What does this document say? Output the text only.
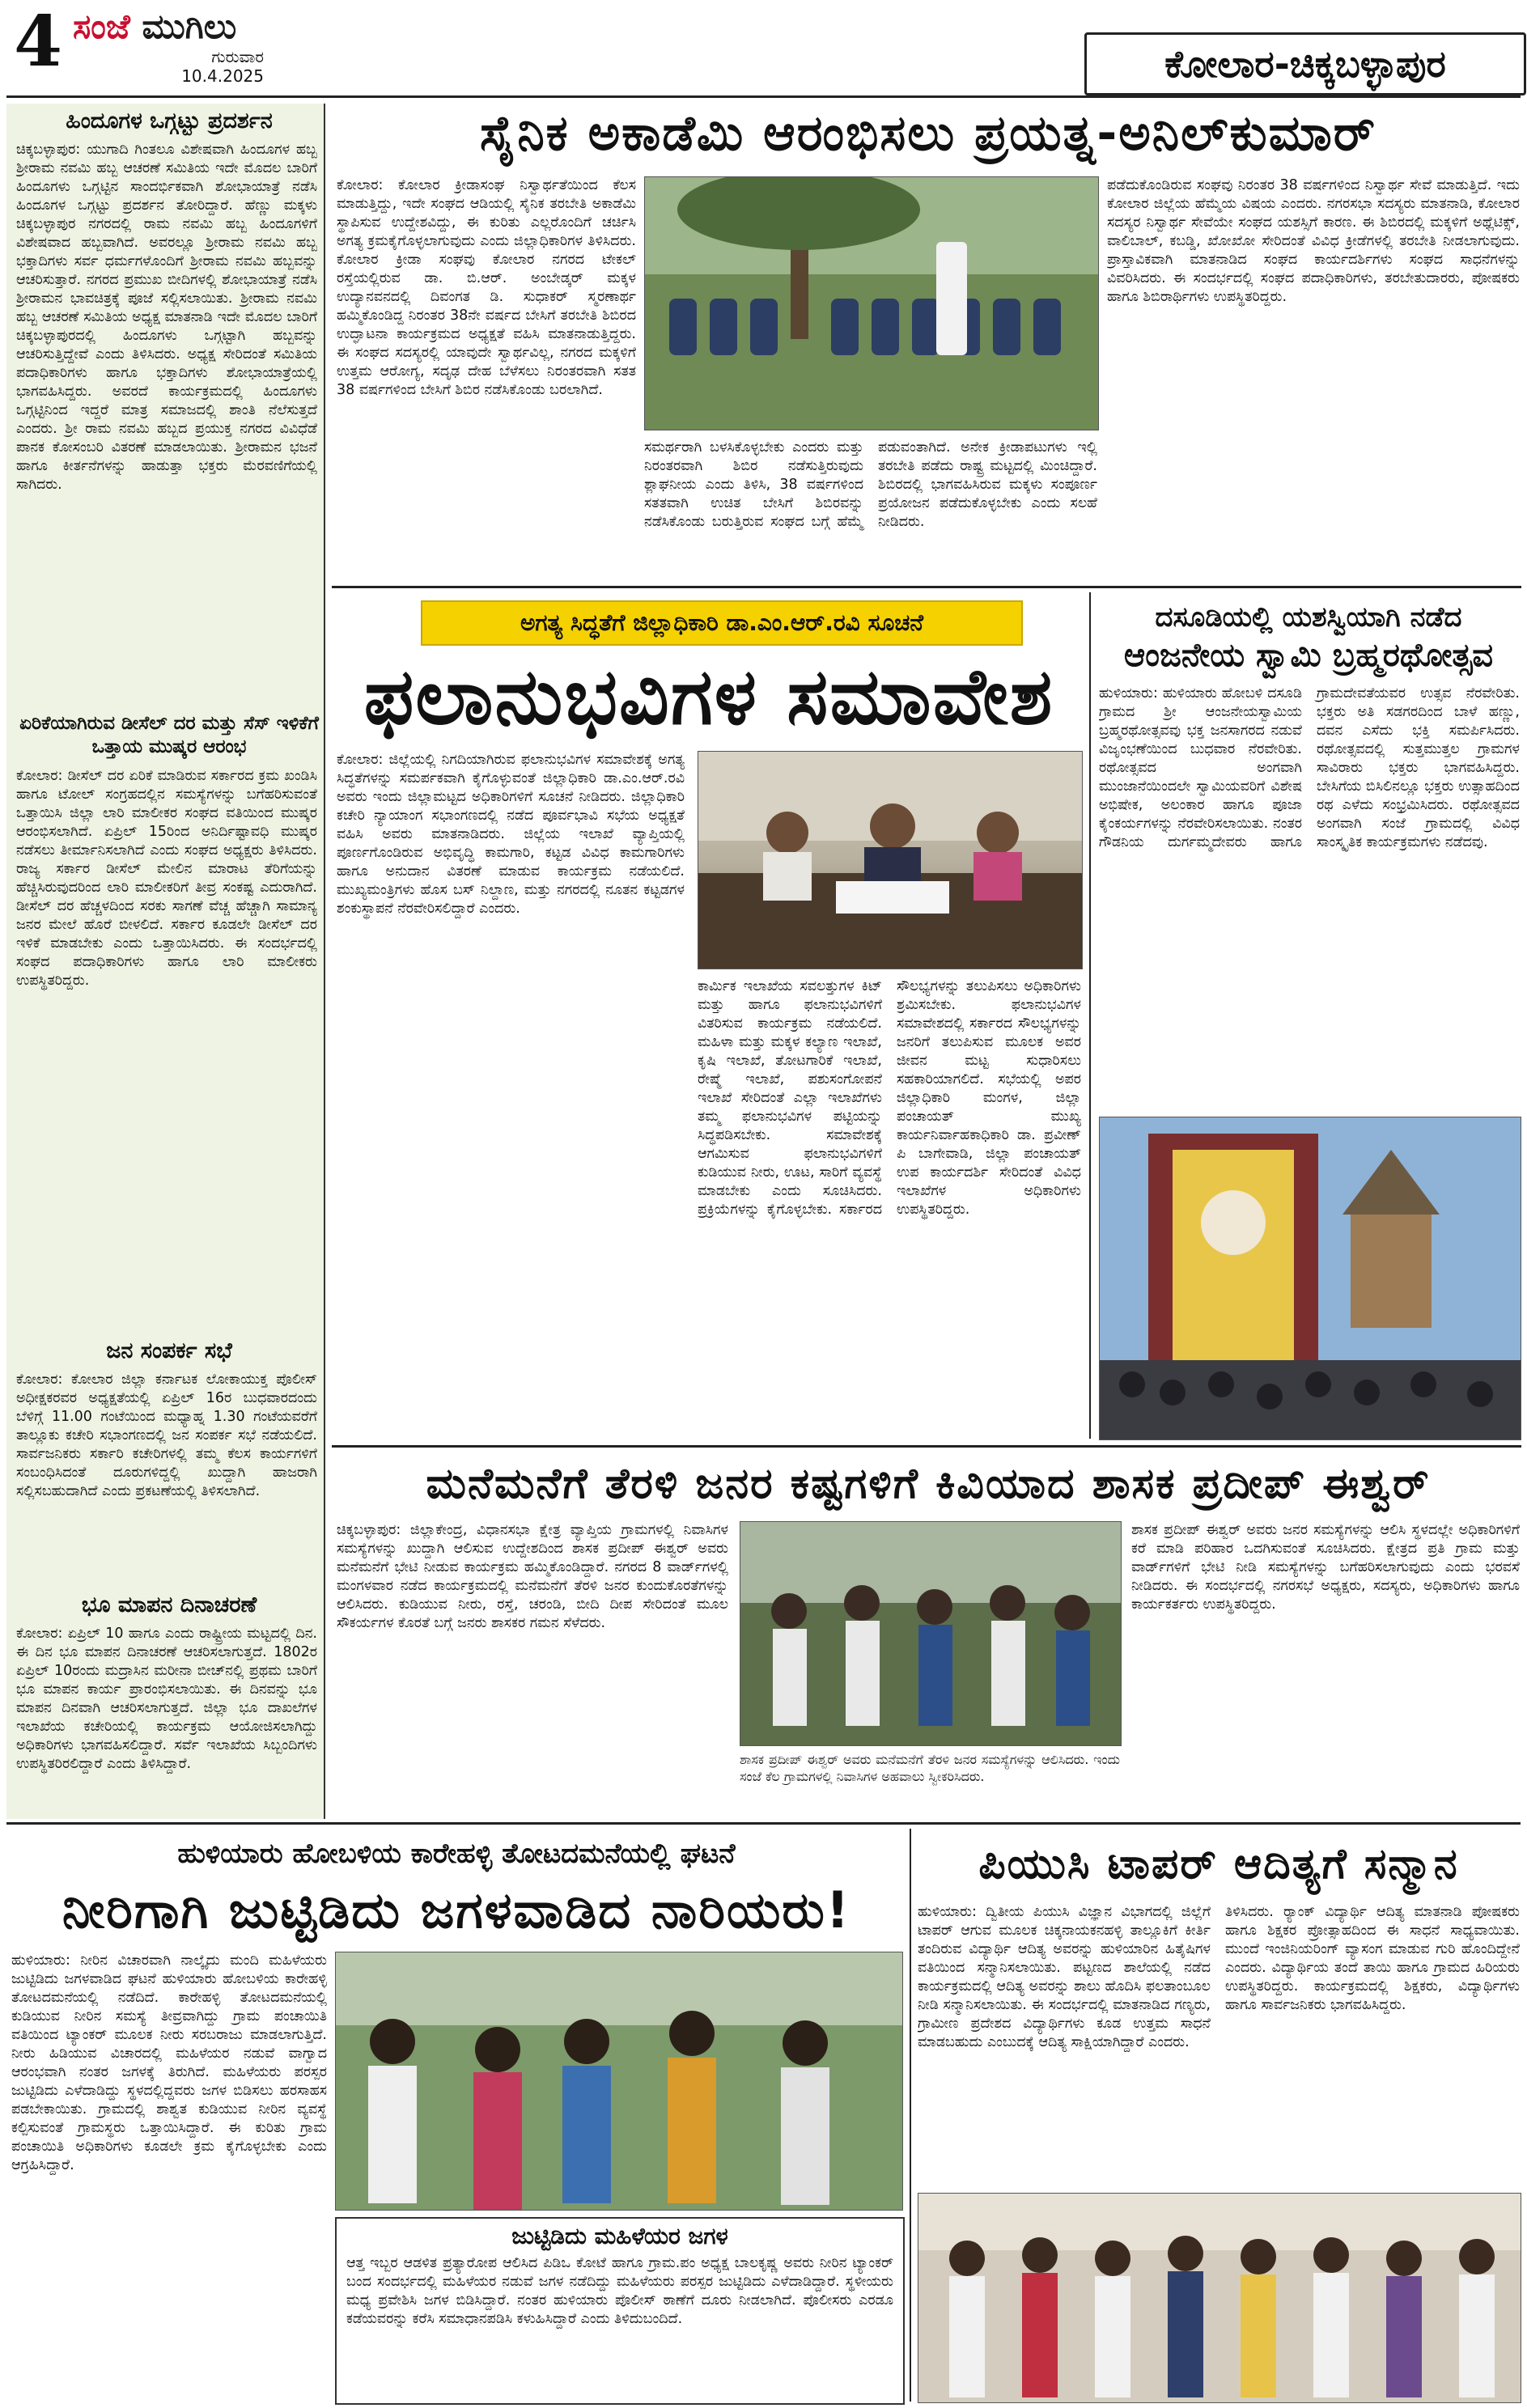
4 ಸಂಜೆ ಮುಗಿಲು
ಗುರುವಾರ
10.4.2025	ಕೋಲಾರ-ಚಿಕ್ಕಬಳ್ಳಾಪುರ
ಹಿಂದೂಗಳ ಒಗ್ಗಟ್ಟು ಪ್ರದರ್ಶನ
ಚಿಕ್ಕಬಳ್ಳಾಪುರ: ಯುಗಾದಿ ಗಿಂತಲೂ ವಿಶೇಷವಾಗಿ ಹಿಂದೂಗಳ ಹಬ್ಬ ಶ್ರೀರಾಮ ನವಮಿ ಹಬ್ಬ ಆಚರಣೆ ಸಮಿತಿಯ ಇದೇ ಮೊದಲ ಬಾರಿಗೆ ಹಿಂದೂಗಳು ಒಗ್ಗಟ್ಟಿನ ಸಾಂದರ್ಭಿಕವಾಗಿ ಶೋಭಾಯಾತ್ರೆ ನಡೆಸಿ ಹಿಂದೂಗಳ ಒಗ್ಗಟ್ಟು ಪ್ರದರ್ಶನ ತೋರಿದ್ದಾರೆ. ಹೆಣ್ಣು ಮಕ್ಕಳು ಚಿಕ್ಕಬಳ್ಳಾಪುರ ನಗರದಲ್ಲಿ ರಾಮ ನವಮಿ ಹಬ್ಬ ಹಿಂದೂಗಳಿಗೆ ವಿಶೇಷವಾದ ಹಬ್ಬವಾಗಿದೆ. ಅವರಲ್ಲೂ ಶ್ರೀರಾಮ ನವಮಿ ಹಬ್ಬ ಭಕ್ತಾದಿಗಳು ಸರ್ವ ಧರ್ಮಗಳೊಂದಿಗೆ ಶ್ರೀರಾಮ ನವಮಿ ಹಬ್ಬವನ್ನು ಆಚರಿಸುತ್ತಾರೆ. ನಗರದ ಪ್ರಮುಖ ಬೀದಿಗಳಲ್ಲಿ ಶೋಭಾಯಾತ್ರೆ ನಡೆಸಿ ಶ್ರೀರಾಮನ ಭಾವಚಿತ್ರಕ್ಕೆ ಪೂಜೆ ಸಲ್ಲಿಸಲಾಯಿತು. ಶ್ರೀರಾಮ ನವಮಿ ಹಬ್ಬ ಆಚರಣೆ ಸಮಿತಿಯ ಅಧ್ಯಕ್ಷ ಮಾತನಾಡಿ ಇದೇ ಮೊದಲ ಬಾರಿಗೆ ಚಿಕ್ಕಬಳ್ಳಾಪುರದಲ್ಲಿ ಹಿಂದೂಗಳು ಒಗ್ಗಟ್ಟಾಗಿ ಹಬ್ಬವನ್ನು ಆಚರಿಸುತ್ತಿದ್ದೇವೆ ಎಂದು ತಿಳಿಸಿದರು. ಅಧ್ಯಕ್ಷ ಸೇರಿದಂತೆ ಸಮಿತಿಯ ಪದಾಧಿಕಾರಿಗಳು ಹಾಗೂ ಭಕ್ತಾದಿಗಳು ಶೋಭಾಯಾತ್ರೆಯಲ್ಲಿ ಭಾಗವಹಿಸಿದ್ದರು. ಅವರದೆ ಕಾರ್ಯಕ್ರಮದಲ್ಲಿ ಹಿಂದೂಗಳು ಒಗ್ಗಟ್ಟಿನಿಂದ ಇದ್ದರೆ ಮಾತ್ರ ಸಮಾಜದಲ್ಲಿ ಶಾಂತಿ ನೆಲೆಸುತ್ತದೆ ಎಂದರು. ಶ್ರೀ ರಾಮ ನವಮಿ ಹಬ್ಬದ ಪ್ರಯುಕ್ತ ನಗರದ ವಿವಿಧೆಡೆ ಪಾನಕ ಕೋಸಂಬರಿ ವಿತರಣೆ ಮಾಡಲಾಯಿತು. ಶ್ರೀರಾಮನ ಭಜನೆ ಹಾಗೂ ಕೀರ್ತನೆಗಳನ್ನು ಹಾಡುತ್ತಾ ಭಕ್ತರು ಮೆರವಣಿಗೆಯಲ್ಲಿ ಸಾಗಿದರು.
ಏರಿಕೆಯಾಗಿರುವ ಡೀಸೆಲ್ ದರ ಮತ್ತು ಸೆಸ್ ಇಳಿಕೆಗೆ ಒತ್ತಾಯ ಮುಷ್ಕರ ಆರಂಭ
ಕೋಲಾರ: ಡೀಸೆಲ್ ದರ ಏರಿಕೆ ಮಾಡಿರುವ ಸರ್ಕಾರದ ಕ್ರಮ ಖಂಡಿಸಿ ಹಾಗೂ ಟೋಲ್ ಸಂಗ್ರಹದಲ್ಲಿನ ಸಮಸ್ಯೆಗಳನ್ನು ಬಗೆಹರಿಸುವಂತೆ ಒತ್ತಾಯಿಸಿ ಜಿಲ್ಲಾ ಲಾರಿ ಮಾಲೀಕರ ಸಂಘದ ವತಿಯಿಂದ ಮುಷ್ಕರ ಆರಂಭಿಸಲಾಗಿದೆ. ಏಪ್ರಿಲ್ 15ರಿಂದ ಅನಿರ್ದಿಷ್ಟಾವಧಿ ಮುಷ್ಕರ ನಡೆಸಲು ತೀರ್ಮಾನಿಸಲಾಗಿದೆ ಎಂದು ಸಂಘದ ಅಧ್ಯಕ್ಷರು ತಿಳಿಸಿದರು. ರಾಜ್ಯ ಸರ್ಕಾರ ಡೀಸೆಲ್ ಮೇಲಿನ ಮಾರಾಟ ತೆರಿಗೆಯನ್ನು ಹೆಚ್ಚಿಸಿರುವುದರಿಂದ ಲಾರಿ ಮಾಲೀಕರಿಗೆ ತೀವ್ರ ಸಂಕಷ್ಟ ಎದುರಾಗಿದೆ. ಡೀಸೆಲ್ ದರ ಹೆಚ್ಚಳದಿಂದ ಸರಕು ಸಾಗಣೆ ವೆಚ್ಚ ಹೆಚ್ಚಾಗಿ ಸಾಮಾನ್ಯ ಜನರ ಮೇಲೆ ಹೊರೆ ಬೀಳಲಿದೆ. ಸರ್ಕಾರ ಕೂಡಲೇ ಡೀಸೆಲ್ ದರ ಇಳಿಕೆ ಮಾಡಬೇಕು ಎಂದು ಒತ್ತಾಯಿಸಿದರು. ಈ ಸಂದರ್ಭದಲ್ಲಿ ಸಂಘದ ಪದಾಧಿಕಾರಿಗಳು ಹಾಗೂ ಲಾರಿ ಮಾಲೀಕರು ಉಪಸ್ಥಿತರಿದ್ದರು.
ಜನ ಸಂಪರ್ಕ ಸಭೆ
ಕೋಲಾರ: ಕೋಲಾರ ಜಿಲ್ಲಾ ಕರ್ನಾಟಕ ಲೋಕಾಯುಕ್ತ ಪೊಲೀಸ್ ಅಧೀಕ್ಷಕರವರ ಅಧ್ಯಕ್ಷತೆಯಲ್ಲಿ ಏಪ್ರಿಲ್ 16ರ ಬುಧವಾರದಂದು ಬೆಳಿಗ್ಗೆ 11.00 ಗಂಟೆಯಿಂದ ಮಧ್ಯಾಹ್ನ 1.30 ಗಂಟೆಯವರೆಗೆ ತಾಲ್ಲೂಕು ಕಚೇರಿ ಸಭಾಂಗಣದಲ್ಲಿ ಜನ ಸಂಪರ್ಕ ಸಭೆ ನಡೆಯಲಿದೆ. ಸಾರ್ವಜನಿಕರು ಸರ್ಕಾರಿ ಕಚೇರಿಗಳಲ್ಲಿ ತಮ್ಮ ಕೆಲಸ ಕಾರ್ಯಗಳಿಗೆ ಸಂಬಂಧಿಸಿದಂತೆ ದೂರುಗಳಿದ್ದಲ್ಲಿ ಖುದ್ದಾಗಿ ಹಾಜರಾಗಿ ಸಲ್ಲಿಸಬಹುದಾಗಿದೆ ಎಂದು ಪ್ರಕಟಣೆಯಲ್ಲಿ ತಿಳಿಸಲಾಗಿದೆ.
ಭೂ ಮಾಪನ ದಿನಾಚರಣೆ
ಕೋಲಾರ: ಏಪ್ರಿಲ್ 10 ಹಾಗೂ ಎಂದು ರಾಷ್ಟ್ರೀಯ ಮಟ್ಟದಲ್ಲಿ ದಿನ. ಈ ದಿನ ಭೂ ಮಾಪನ ದಿನಾಚರಣೆ ಆಚರಿಸಲಾಗುತ್ತದೆ. 1802ರ ಏಪ್ರಿಲ್ 10ರಂದು ಮದ್ರಾಸಿನ ಮರೀನಾ ಬೀಚ್‌ನಲ್ಲಿ ಪ್ರಥಮ ಬಾರಿಗೆ ಭೂ ಮಾಪನ ಕಾರ್ಯ ಪ್ರಾರಂಭಿಸಲಾಯಿತು. ಈ ದಿನವನ್ನು ಭೂ ಮಾಪನ ದಿನವಾಗಿ ಆಚರಿಸಲಾಗುತ್ತದೆ. ಜಿಲ್ಲಾ ಭೂ ದಾಖಲೆಗಳ ಇಲಾಖೆಯ ಕಚೇರಿಯಲ್ಲಿ ಕಾರ್ಯಕ್ರಮ ಆಯೋಜಿಸಲಾಗಿದ್ದು ಅಧಿಕಾರಿಗಳು ಭಾಗವಹಿಸಲಿದ್ದಾರೆ. ಸರ್ವೆ ಇಲಾಖೆಯ ಸಿಬ್ಬಂದಿಗಳು ಉಪಸ್ಥಿತರಿರಲಿದ್ದಾರೆ ಎಂದು ತಿಳಿಸಿದ್ದಾರೆ.
ಸೈನಿಕ ಅಕಾಡೆಮಿ ಆರಂಭಿಸಲು ಪ್ರಯತ್ನ-ಅನಿಲ್‌ಕುಮಾರ್
ಕೋಲಾರ: ಕೋಲಾರ ಕ್ರೀಡಾಸಂಘ ನಿಸ್ವಾರ್ಥತೆಯಿಂದ ಕೆಲಸ ಮಾಡುತ್ತಿದ್ದು, ಇದೇ ಸಂಘದ ಆಡಿಯಲ್ಲಿ ಸೈನಿಕ ತರಬೇತಿ ಅಕಾಡೆಮಿ ಸ್ಥಾಪಿಸುವ ಉದ್ದೇಶವಿದ್ದು, ಈ ಕುರಿತು ಎಲ್ಲರೊಂದಿಗೆ ಚರ್ಚಿಸಿ ಅಗತ್ಯ ಕ್ರಮಕೈಗೊಳ್ಳಲಾಗುವುದು ಎಂದು ಜಿಲ್ಲಾಧಿಕಾರಿಗಳ ತಿಳಿಸಿದರು. ಕೋಲಾರ ಕ್ರೀಡಾ ಸಂಘವು ಕೋಲಾರ ನಗರದ ಟೇಕಲ್ ರಸ್ತೆಯಲ್ಲಿರುವ ಡಾ. ಬಿ.ಆರ್. ಅಂಬೇಡ್ಕರ್ ಮಕ್ಕಳ ಉದ್ಯಾನವನದಲ್ಲಿ ದಿವಂಗತ ಡಿ. ಸುಧಾಕರ್ ಸ್ಮರಣಾರ್ಥ ಹಮ್ಮಿಕೊಂಡಿದ್ದ ನಿರಂತರ 38ನೇ ವರ್ಷದ ಬೇಸಿಗೆ ತರಬೇತಿ ಶಿಬಿರದ ಉದ್ಘಾಟನಾ ಕಾರ್ಯಕ್ರಮದ ಅಧ್ಯಕ್ಷತೆ ವಹಿಸಿ ಮಾತನಾಡುತ್ತಿದ್ದರು. ಈ ಸಂಘದ ಸದಸ್ಯರಲ್ಲಿ ಯಾವುದೇ ಸ್ವಾರ್ಥವಿಲ್ಲ, ನಗರದ ಮಕ್ಕಳಿಗೆ ಉತ್ತಮ ಆರೋಗ್ಯ, ಸದೃಢ ದೇಹ ಬೆಳೆಸಲು ನಿರಂತರವಾಗಿ ಸತತ 38 ವರ್ಷಗಳಿಂದ ಬೇಸಿಗೆ ಶಿಬಿರ ನಡೆಸಿಕೊಂಡು ಬರಲಾಗಿದೆ.
ಸಮರ್ಥರಾಗಿ ಬಳಸಿಕೊಳ್ಳಬೇಕು ಎಂದರು ಮತ್ತು ನಿರಂತರವಾಗಿ ಶಿಬಿರ ನಡೆಸುತ್ತಿರುವುದು ಶ್ಲಾಘನೀಯ ಎಂದು ತಿಳಿಸಿ, 38 ವರ್ಷಗಳಿಂದ ಸತತವಾಗಿ ಉಚಿತ ಬೇಸಿಗೆ ಶಿಬಿರವನ್ನು ನಡೆಸಿಕೊಂಡು ಬರುತ್ತಿರುವ ಸಂಘದ ಬಗ್ಗೆ ಹೆಮ್ಮೆ ಪಡುವಂತಾಗಿದೆ. ಅನೇಕ ಕ್ರೀಡಾಪಟುಗಳು ಇಲ್ಲಿ ತರಬೇತಿ ಪಡೆದು ರಾಷ್ಟ್ರ ಮಟ್ಟದಲ್ಲಿ ಮಿಂಚಿದ್ದಾರೆ. ಶಿಬಿರದಲ್ಲಿ ಭಾಗವಹಿಸಿರುವ ಮಕ್ಕಳು ಸಂಪೂರ್ಣ ಪ್ರಯೋಜನ ಪಡೆದುಕೊಳ್ಳಬೇಕು ಎಂದು ಸಲಹೆ ನೀಡಿದರು.
ಪಡೆದುಕೊಂಡಿರುವ ಸಂಘವು ನಿರಂತರ 38 ವರ್ಷಗಳಿಂದ ನಿಸ್ವಾರ್ಥ ಸೇವೆ ಮಾಡುತ್ತಿದೆ. ಇದು ಕೋಲಾರ ಜಿಲ್ಲೆಯ ಹೆಮ್ಮೆಯ ವಿಷಯ ಎಂದರು. ನಗರಸಭಾ ಸದಸ್ಯರು ಮಾತನಾಡಿ, ಕೋಲಾರ ಸದಸ್ಯರ ನಿಸ್ವಾರ್ಥ ಸೇವೆಯೇ ಸಂಘದ ಯಶಸ್ಸಿಗೆ ಕಾರಣ. ಈ ಶಿಬಿರದಲ್ಲಿ ಮಕ್ಕಳಿಗೆ ಅಥ್ಲೆಟಿಕ್ಸ್, ವಾಲಿಬಾಲ್, ಕಬಡ್ಡಿ, ಖೋಖೋ ಸೇರಿದಂತೆ ವಿವಿಧ ಕ್ರೀಡೆಗಳಲ್ಲಿ ತರಬೇತಿ ನೀಡಲಾಗುವುದು. ಪ್ರಾಸ್ತಾವಿಕವಾಗಿ ಮಾತನಾಡಿದ ಸಂಘದ ಕಾರ್ಯದರ್ಶಿಗಳು ಸಂಘದ ಸಾಧನೆಗಳನ್ನು ವಿವರಿಸಿದರು. ಈ ಸಂದರ್ಭದಲ್ಲಿ ಸಂಘದ ಪದಾಧಿಕಾರಿಗಳು, ತರಬೇತುದಾರರು, ಪೋಷಕರು ಹಾಗೂ ಶಿಬಿರಾರ್ಥಿಗಳು ಉಪಸ್ಥಿತರಿದ್ದರು.
ಅಗತ್ಯ ಸಿದ್ಧತೆಗೆ ಜಿಲ್ಲಾಧಿಕಾರಿ ಡಾ.ಎಂ.ಆರ್.ರವಿ ಸೂಚನೆ
ಫಲಾನುಭವಿಗಳ ಸಮಾವೇಶ
ಕೋಲಾರ: ಜಿಲ್ಲೆಯಲ್ಲಿ ನಿಗದಿಯಾಗಿರುವ ಫಲಾನುಭವಿಗಳ ಸಮಾವೇಶಕ್ಕೆ ಅಗತ್ಯ ಸಿದ್ಧತೆಗಳನ್ನು ಸಮರ್ಪಕವಾಗಿ ಕೈಗೊಳ್ಳುವಂತೆ ಜಿಲ್ಲಾಧಿಕಾರಿ ಡಾ.ಎಂ.ಆರ್.ರವಿ ಅವರು ಇಂದು ಜಿಲ್ಲಾಮಟ್ಟದ ಅಧಿಕಾರಿಗಳಿಗೆ ಸೂಚನೆ ನೀಡಿದರು. ಜಿಲ್ಲಾಧಿಕಾರಿ ಕಚೇರಿ ನ್ಯಾಯಾಂಗ ಸಭಾಂಗಣದಲ್ಲಿ ನಡೆದ ಪೂರ್ವಭಾವಿ ಸಭೆಯ ಅಧ್ಯಕ್ಷತೆ ವಹಿಸಿ ಅವರು ಮಾತನಾಡಿದರು. ಜಿಲ್ಲೆಯ ಇಲಾಖೆ ವ್ಯಾಪ್ತಿಯಲ್ಲಿ ಪೂರ್ಣಗೊಂಡಿರುವ ಅಭಿವೃದ್ಧಿ ಕಾಮಗಾರಿ, ಕಟ್ಟಡ ವಿವಿಧ ಕಾಮಗಾರಿಗಳು ಹಾಗೂ ಅನುದಾನ ವಿತರಣೆ ಮಾಡುವ ಕಾರ್ಯಕ್ರಮ ನಡೆಯಲಿದೆ. ಮುಖ್ಯಮಂತ್ರಿಗಳು ಹೊಸ ಬಸ್ ನಿಲ್ದಾಣ, ಮತ್ತು ನಗರದಲ್ಲಿ ನೂತನ ಕಟ್ಟಡಗಳ ಶಂಕುಸ್ಥಾಪನೆ ನೆರವೇರಿಸಲಿದ್ದಾರೆ ಎಂದರು.
ಕಾರ್ಮಿಕ ಇಲಾಖೆಯ ಸವಲತ್ತುಗಳ ಕಿಟ್ ಮತ್ತು ಹಾಗೂ ಫಲಾನುಭವಿಗಳಿಗೆ ವಿತರಿಸುವ ಕಾರ್ಯಕ್ರಮ ನಡೆಯಲಿದೆ. ಮಹಿಳಾ ಮತ್ತು ಮಕ್ಕಳ ಕಲ್ಯಾಣ ಇಲಾಖೆ, ಕೃಷಿ ಇಲಾಖೆ, ತೋಟಗಾರಿಕೆ ಇಲಾಖೆ, ರೇಷ್ಮೆ ಇಲಾಖೆ, ಪಶುಸಂಗೋಪನೆ ಇಲಾಖೆ ಸೇರಿದಂತೆ ಎಲ್ಲಾ ಇಲಾಖೆಗಳು ತಮ್ಮ ಫಲಾನುಭವಿಗಳ ಪಟ್ಟಿಯನ್ನು ಸಿದ್ಧಪಡಿಸಬೇಕು. ಸಮಾವೇಶಕ್ಕೆ ಆಗಮಿಸುವ ಫಲಾನುಭವಿಗಳಿಗೆ ಕುಡಿಯುವ ನೀರು, ಊಟ, ಸಾರಿಗೆ ವ್ಯವಸ್ಥೆ ಮಾಡಬೇಕು ಎಂದು ಸೂಚಿಸಿದರು. ಪ್ರಕ್ರಿಯೆಗಳನ್ನು ಕೈಗೊಳ್ಳಬೇಕು. ಸರ್ಕಾರದ ಸೌಲಭ್ಯಗಳನ್ನು ತಲುಪಿಸಲು ಅಧಿಕಾರಿಗಳು ಶ್ರಮಿಸಬೇಕು. ಫಲಾನುಭವಿಗಳ ಸಮಾವೇಶದಲ್ಲಿ ಸರ್ಕಾರದ ಸೌಲಭ್ಯಗಳನ್ನು ಜನರಿಗೆ ತಲುಪಿಸುವ ಮೂಲಕ ಅವರ ಜೀವನ ಮಟ್ಟ ಸುಧಾರಿಸಲು ಸಹಕಾರಿಯಾಗಲಿದೆ. ಸಭೆಯಲ್ಲಿ ಅಪರ ಜಿಲ್ಲಾಧಿಕಾರಿ ಮಂಗಳ, ಜಿಲ್ಲಾ ಪಂಚಾಯತ್ ಮುಖ್ಯ ಕಾರ್ಯನಿರ್ವಾಹಕಾಧಿಕಾರಿ ಡಾ. ಪ್ರವೀಣ್ ಪಿ ಬಾಗೇವಾಡಿ, ಜಿಲ್ಲಾ ಪಂಚಾಯತ್ ಉಪ ಕಾರ್ಯದರ್ಶಿ ಸೇರಿದಂತೆ ವಿವಿಧ ಇಲಾಖೆಗಳ ಅಧಿಕಾರಿಗಳು ಉಪಸ್ಥಿತರಿದ್ದರು.
ದಸೂಡಿಯಲ್ಲಿ ಯಶಸ್ವಿಯಾಗಿ ನಡೆದ
ಆಂಜನೇಯ ಸ್ವಾಮಿ ಬ್ರಹ್ಮರಥೋತ್ಸವ
ಹುಳಿಯಾರು: ಹುಳಿಯಾರು ಹೋಬಳಿ ದಸೂಡಿ ಗ್ರಾಮದ ಶ್ರೀ ಆಂಜನೇಯಸ್ವಾಮಿಯ ಬ್ರಹ್ಮರಥೋತ್ಸವವು ಭಕ್ತ ಜನಸಾಗರದ ನಡುವೆ ವಿಜೃಂಭಣೆಯಿಂದ ಬುಧವಾರ ನೆರವೇರಿತು. ರಥೋತ್ಸವದ ಅಂಗವಾಗಿ ಮುಂಜಾನೆಯಿಂದಲೇ ಸ್ವಾಮಿಯವರಿಗೆ ವಿಶೇಷ ಅಭಿಷೇಕ, ಅಲಂಕಾರ ಹಾಗೂ ಪೂಜಾ ಕೈಂಕರ್ಯಗಳನ್ನು ನೆರವೇರಿಸಲಾಯಿತು. ನಂತರ ಗೌಡನಿಯ ದುರ್ಗಮ್ಮದೇವರು ಹಾಗೂ ಗ್ರಾಮದೇವತೆಯವರ ಉತ್ಸವ ನೆರವೇರಿತು. ಭಕ್ತರು ಅತಿ ಸಡಗರದಿಂದ ಬಾಳೆ ಹಣ್ಣು, ದವನ ಎಸೆದು ಭಕ್ತಿ ಸಮರ್ಪಿಸಿದರು. ರಥೋತ್ಸವದಲ್ಲಿ ಸುತ್ತಮುತ್ತಲ ಗ್ರಾಮಗಳ ಸಾವಿರಾರು ಭಕ್ತರು ಭಾಗವಹಿಸಿದ್ದರು. ಬೇಸಿಗೆಯ ಬಿಸಿಲಿನಲ್ಲೂ ಭಕ್ತರು ಉತ್ಸಾಹದಿಂದ ರಥ ಎಳೆದು ಸಂಭ್ರಮಿಸಿದರು. ರಥೋತ್ಸವದ ಅಂಗವಾಗಿ ಸಂಜೆ ಗ್ರಾಮದಲ್ಲಿ ವಿವಿಧ ಸಾಂಸ್ಕೃತಿಕ ಕಾರ್ಯಕ್ರಮಗಳು ನಡೆದವು.
ಮನೆಮನೆಗೆ ತೆರಳಿ ಜನರ ಕಷ್ಟಗಳಿಗೆ ಕಿವಿಯಾದ ಶಾಸಕ ಪ್ರದೀಪ್ ಈಶ್ವರ್
ಚಿಕ್ಕಬಳ್ಳಾಪುರ: ಜಿಲ್ಲಾಕೇಂದ್ರ, ವಿಧಾನಸಭಾ ಕ್ಷೇತ್ರ ವ್ಯಾಪ್ತಿಯ ಗ್ರಾಮಗಳಲ್ಲಿ ನಿವಾಸಿಗಳ ಸಮಸ್ಯೆಗಳನ್ನು ಖುದ್ದಾಗಿ ಆಲಿಸುವ ಉದ್ದೇಶದಿಂದ ಶಾಸಕ ಪ್ರದೀಪ್ ಈಶ್ವರ್ ಅವರು ಮನೆಮನೆಗೆ ಭೇಟಿ ನೀಡುವ ಕಾರ್ಯಕ್ರಮ ಹಮ್ಮಿಕೊಂಡಿದ್ದಾರೆ. ನಗರದ 8 ವಾರ್ಡ್‌ಗಳಲ್ಲಿ ಮಂಗಳವಾರ ನಡೆದ ಕಾರ್ಯಕ್ರಮದಲ್ಲಿ ಮನೆಮನೆಗೆ ತೆರಳಿ ಜನರ ಕುಂದುಕೊರತೆಗಳನ್ನು ಆಲಿಸಿದರು. ಕುಡಿಯುವ ನೀರು, ರಸ್ತೆ, ಚರಂಡಿ, ಬೀದಿ ದೀಪ ಸೇರಿದಂತೆ ಮೂಲ ಸೌಕರ್ಯಗಳ ಕೊರತೆ ಬಗ್ಗೆ ಜನರು ಶಾಸಕರ ಗಮನ ಸೆಳೆದರು.
ಶಾಸಕ ಪ್ರದೀಪ್ ಈಶ್ವರ್ ಅವರು ಮನೆಮನೆಗೆ ತೆರಳಿ ಜನರ ಸಮಸ್ಯೆಗಳನ್ನು ಆಲಿಸಿದರು. ಇಂದು ಸಂಜೆ ಕೆಲ ಗ್ರಾಮಗಳಲ್ಲಿ ನಿವಾಸಿಗಳ ಅಹವಾಲು ಸ್ವೀಕರಿಸಿದರು.
ಶಾಸಕ ಪ್ರದೀಪ್ ಈಶ್ವರ್ ಅವರು ಜನರ ಸಮಸ್ಯೆಗಳನ್ನು ಆಲಿಸಿ ಸ್ಥಳದಲ್ಲೇ ಅಧಿಕಾರಿಗಳಿಗೆ ಕರೆ ಮಾಡಿ ಪರಿಹಾರ ಒದಗಿಸುವಂತೆ ಸೂಚಿಸಿದರು. ಕ್ಷೇತ್ರದ ಪ್ರತಿ ಗ್ರಾಮ ಮತ್ತು ವಾರ್ಡ್‌ಗಳಿಗೆ ಭೇಟಿ ನೀಡಿ ಸಮಸ್ಯೆಗಳನ್ನು ಬಗೆಹರಿಸಲಾಗುವುದು ಎಂದು ಭರವಸೆ ನೀಡಿದರು. ಈ ಸಂದರ್ಭದಲ್ಲಿ ನಗರಸಭೆ ಅಧ್ಯಕ್ಷರು, ಸದಸ್ಯರು, ಅಧಿಕಾರಿಗಳು ಹಾಗೂ ಕಾರ್ಯಕರ್ತರು ಉಪಸ್ಥಿತರಿದ್ದರು.
ಹುಳಿಯಾರು ಹೋಬಳಿಯ ಕಾರೇಹಳ್ಳಿ ತೋಟದಮನೆಯಲ್ಲಿ ಘಟನೆ
ನೀರಿಗಾಗಿ ಜುಟ್ಟಿಡಿದು ಜಗಳವಾಡಿದ ನಾರಿಯರು!
ಹುಳಿಯಾರು: ನೀರಿನ ವಿಚಾರವಾಗಿ ನಾಲ್ಕೈದು ಮಂದಿ ಮಹಿಳೆಯರು ಜುಟ್ಟಿಡಿದು ಜಗಳವಾಡಿದ ಘಟನೆ ಹುಳಿಯಾರು ಹೋಬಳಿಯ ಕಾರೇಹಳ್ಳಿ ತೋಟದಮನೆಯಲ್ಲಿ ನಡೆದಿದೆ. ಕಾರೇಹಳ್ಳಿ ತೋಟದಮನೆಯಲ್ಲಿ ಕುಡಿಯುವ ನೀರಿನ ಸಮಸ್ಯೆ ತೀವ್ರವಾಗಿದ್ದು ಗ್ರಾಮ ಪಂಚಾಯಿತಿ ವತಿಯಿಂದ ಟ್ಯಾಂಕರ್ ಮೂಲಕ ನೀರು ಸರಬರಾಜು ಮಾಡಲಾಗುತ್ತಿದೆ. ನೀರು ಹಿಡಿಯುವ ವಿಚಾರದಲ್ಲಿ ಮಹಿಳೆಯರ ನಡುವೆ ವಾಗ್ವಾದ ಆರಂಭವಾಗಿ ನಂತರ ಜಗಳಕ್ಕೆ ತಿರುಗಿದೆ. ಮಹಿಳೆಯರು ಪರಸ್ಪರ ಜುಟ್ಟಿಡಿದು ಎಳೆದಾಡಿದ್ದು ಸ್ಥಳದಲ್ಲಿದ್ದವರು ಜಗಳ ಬಿಡಿಸಲು ಹರಸಾಹಸ ಪಡಬೇಕಾಯಿತು. ಗ್ರಾಮದಲ್ಲಿ ಶಾಶ್ವತ ಕುಡಿಯುವ ನೀರಿನ ವ್ಯವಸ್ಥೆ ಕಲ್ಪಿಸುವಂತೆ ಗ್ರಾಮಸ್ಥರು ಒತ್ತಾಯಿಸಿದ್ದಾರೆ. ಈ ಕುರಿತು ಗ್ರಾಮ ಪಂಚಾಯಿತಿ ಅಧಿಕಾರಿಗಳು ಕೂಡಲೇ ಕ್ರಮ ಕೈಗೊಳ್ಳಬೇಕು ಎಂದು ಆಗ್ರಹಿಸಿದ್ದಾರೆ.
ಜುಟ್ಟಿಡಿದು ಮಹಿಳೆಯರ ಜಗಳ
ಆತ್ತ ಇಬ್ಬರ ಆಡಳಿತ ಪ್ರತ್ಯಾರೋಪ ಆಲಿಸಿದ ಪಿಡಿಒ ಕೋಟೆ ಹಾಗೂ ಗ್ರಾಮ.ಪಂ ಅಧ್ಯಕ್ಷ ಬಾಲಕೃಷ್ಣ ಅವರು ನೀರಿನ ಟ್ಯಾಂಕರ್ ಬಂದ ಸಂದರ್ಭದಲ್ಲಿ ಮಹಿಳೆಯರ ನಡುವೆ ಜಗಳ ನಡೆದಿದ್ದು ಮಹಿಳೆಯರು ಪರಸ್ಪರ ಜುಟ್ಟಿಡಿದು ಎಳೆದಾಡಿದ್ದಾರೆ. ಸ್ಥಳೀಯರು ಮಧ್ಯ ಪ್ರವೇಶಿಸಿ ಜಗಳ ಬಿಡಿಸಿದ್ದಾರೆ. ನಂತರ ಹುಳಿಯಾರು ಪೊಲೀಸ್ ಠಾಣೆಗೆ ದೂರು ನೀಡಲಾಗಿದೆ. ಪೊಲೀಸರು ಎರಡೂ ಕಡೆಯವರನ್ನು ಕರೆಸಿ ಸಮಾಧಾನಪಡಿಸಿ ಕಳುಹಿಸಿದ್ದಾರೆ ಎಂದು ತಿಳಿದುಬಂದಿದೆ.
ಪಿಯುಸಿ ಟಾಪರ್ ಆದಿತ್ಯಗೆ ಸನ್ಮಾನ
ಹುಳಿಯಾರು: ದ್ವಿತೀಯ ಪಿಯುಸಿ ವಿಜ್ಞಾನ ವಿಭಾಗದಲ್ಲಿ ಜಿಲ್ಲೆಗೆ ಟಾಪರ್ ಆಗುವ ಮೂಲಕ ಚಿಕ್ಕನಾಯಕನಹಳ್ಳಿ ತಾಲ್ಲೂಕಿಗೆ ಕೀರ್ತಿ ತಂದಿರುವ ವಿದ್ಯಾರ್ಥಿ ಆದಿತ್ಯ ಅವರನ್ನು ಹುಳಿಯಾರಿನ ಹಿತೈಷಿಗಳ ವತಿಯಿಂದ ಸನ್ಮಾನಿಸಲಾಯಿತು. ಪಟ್ಟಣದ ಶಾಲೆಯಲ್ಲಿ ನಡೆದ ಕಾರ್ಯಕ್ರಮದಲ್ಲಿ ಆದಿತ್ಯ ಅವರನ್ನು ಶಾಲು ಹೊದಿಸಿ ಫಲತಾಂಬೂಲ ನೀಡಿ ಸನ್ಮಾನಿಸಲಾಯಿತು. ಈ ಸಂದರ್ಭದಲ್ಲಿ ಮಾತನಾಡಿದ ಗಣ್ಯರು, ಗ್ರಾಮೀಣ ಪ್ರದೇಶದ ವಿದ್ಯಾರ್ಥಿಗಳು ಕೂಡ ಉತ್ತಮ ಸಾಧನೆ ಮಾಡಬಹುದು ಎಂಬುದಕ್ಕೆ ಆದಿತ್ಯ ಸಾಕ್ಷಿಯಾಗಿದ್ದಾರೆ ಎಂದರು.
ತಿಳಿಸಿದರು. ರ್‍ಯಾಂಕ್ ವಿದ್ಯಾರ್ಥಿ ಆದಿತ್ಯ ಮಾತನಾಡಿ ಪೋಷಕರು ಹಾಗೂ ಶಿಕ್ಷಕರ ಪ್ರೋತ್ಸಾಹದಿಂದ ಈ ಸಾಧನೆ ಸಾಧ್ಯವಾಯಿತು. ಮುಂದೆ ಇಂಜಿನಿಯರಿಂಗ್ ವ್ಯಾಸಂಗ ಮಾಡುವ ಗುರಿ ಹೊಂದಿದ್ದೇನೆ ಎಂದರು. ವಿದ್ಯಾರ್ಥಿಯ ತಂದೆ ತಾಯಿ ಹಾಗೂ ಗ್ರಾಮದ ಹಿರಿಯರು ಉಪಸ್ಥಿತರಿದ್ದರು. ಕಾರ್ಯಕ್ರಮದಲ್ಲಿ ಶಿಕ್ಷಕರು, ವಿದ್ಯಾರ್ಥಿಗಳು ಹಾಗೂ ಸಾರ್ವಜನಿಕರು ಭಾಗವಹಿಸಿದ್ದರು.
